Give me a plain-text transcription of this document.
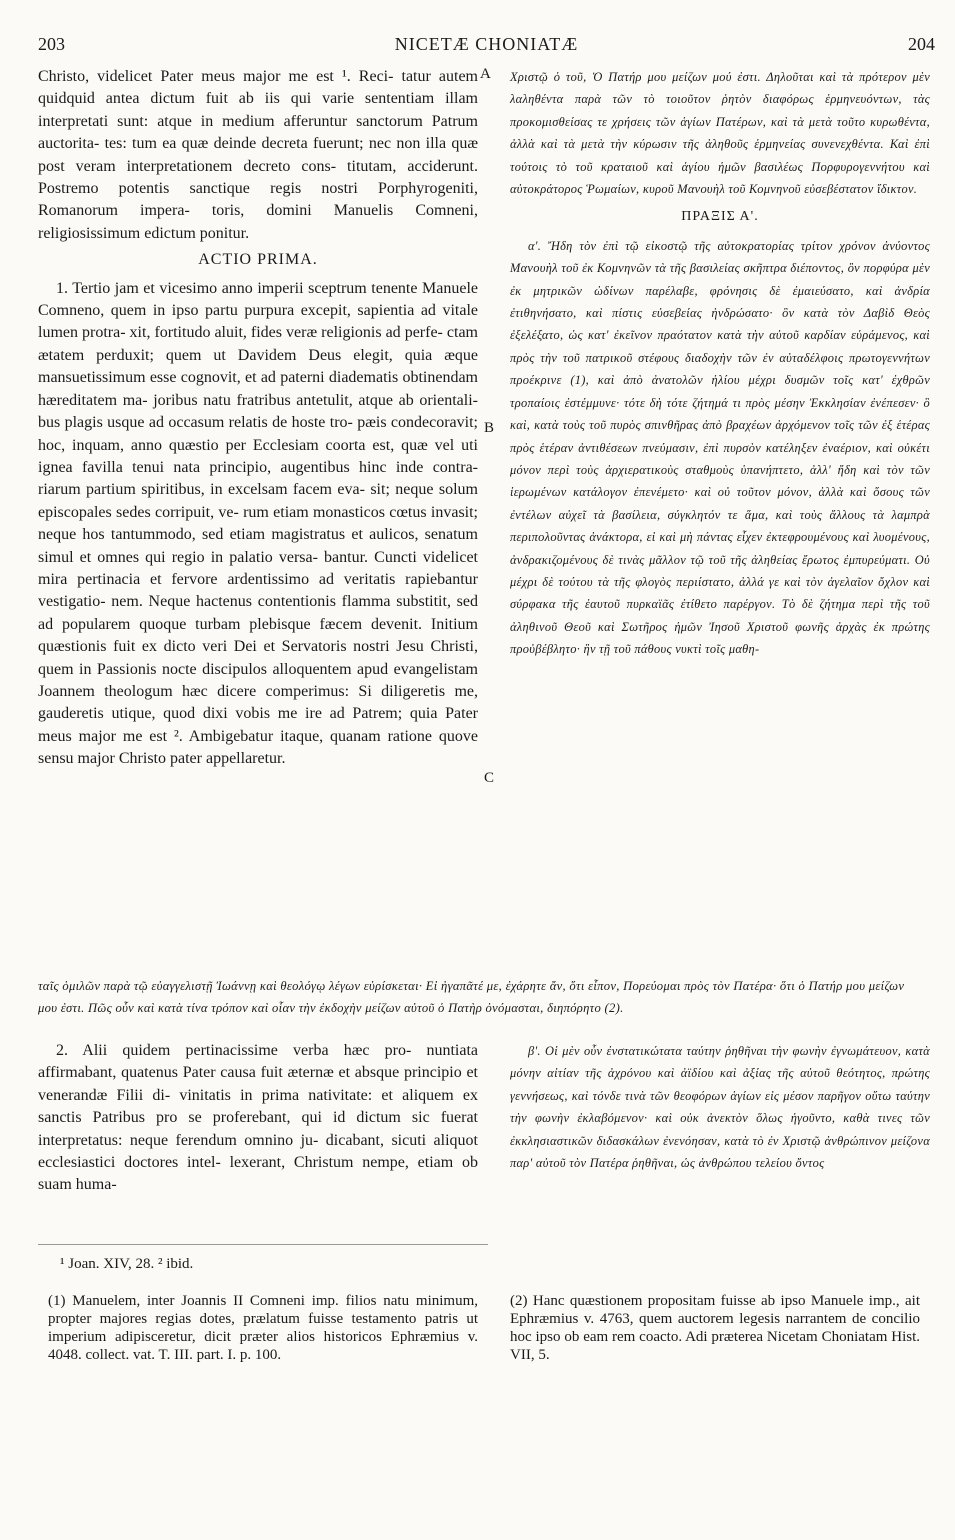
203	NICETÆ CHONIATÆ	204

Christo, videlicet Pater meus major me est ¹. Reci- tatur autem quidquid antea dictum fuit ab iis qui varie sententiam illam interpretati sunt: atque in medium afferuntur sanctorum Patrum auctorita- tes: tum ea quæ deinde decreta fuerunt; nec non illa quæ post veram interpretationem decreto cons- titutam, acciderunt. Postremo potentis sanctique regis nostri Porphyrogeniti, Romanorum impera- toris, domini Manuelis Comneni, religiosissimum edictum ponitur.

ACTIO PRIMA.

1. Tertio jam et vicesimo anno imperii sceptrum tenente Manuele Comneno, quem in ipso partu purpura excepit, sapientia ad vitale lumen protra- xit, fortitudo aluit, fides veræ religionis ad perfe- ctam ætatem perduxit; quem ut Davidem Deus elegit, quia æque mansuetissimum esse cognovit, et ad paterni diadematis obtinendam hæreditatem ma- joribus natu fratribus antetulit, atque ab orientali- bus plagis usque ad occasum relatis de hoste tro- pæis condecoravit; hoc, inquam, anno quæstio per Ecclesiam coorta est, quæ vel uti ignea favilla tenui nata principio, augentibus hinc inde contra- riarum partium spiritibus, in excelsam facem eva- sit; neque solum episcopales sedes corripuit, ve- rum etiam monasticos cœtus invasit; neque hos tantummodo, sed etiam magistratus et aulicos, senatum simul et omnes qui regio in palatio versa- bantur. Cuncti videlicet mira pertinacia et fervore ardentissimo ad veritatis rapiebantur vestigatio- nem. Neque hactenus contentionis flamma substitit, sed ad popularem quoque turbam plebisque fæcem devenit. Initium quæstionis fuit ex dicto veri Dei et Servatoris nostri Jesu Christi, quem in Passionis nocte discipulos alloquentem apud evangelistam Joannem theologum hæc dicere comperimus: Si diligeretis me, gauderetis utique, quod dixi vobis me ire ad Patrem; quia Pater meus major me est ². Ambigebatur itaque, quanam ratione quove sensu major Christo pater appellaretur.

2. Alii quidem pertinacissime verba hæc pro- nuntiata affirmabant, quatenus Pater causa fuit æternæ et absque principio et venerandæ Filii di- vinitatis in prima nativitate: et aliquem ex sanctis Patribus pro se proferebant, qui id dictum sic fuerat interpretatus: neque ferendum omnino ju- dicabant, sicuti aliquot ecclesiastici doctores intel- lexerant, Christum nempe, etiam ob suam huma-

Χριστῷ ὁ τοῦ, Ὁ Πατήρ μου μείζων μού ἐστι. Δηλοῦται καὶ τὰ πρότερον μὲν λαληθέντα παρὰ τῶν τὸ τοιοῦτον ῥητὸν διαφόρως ἑρμηνευόντων, τὰς προκομισθείσας τε χρήσεις τῶν ἁγίων Πατέρων, καὶ τὰ μετὰ τοῦτο κυρωθέντα, ἀλλὰ καὶ τὰ μετὰ τὴν κύρωσιν τῆς ἀληθοῦς ἑρμηνείας συνενεχθέντα. Καὶ ἐπὶ τούτοις τὸ τοῦ κραταιοῦ καὶ ἁγίου ἡμῶν βασιλέως Πορφυρογεννήτου καὶ αὐτοκράτορος Ῥωμαίων, κυροῦ Μανουὴλ τοῦ Κομνηνοῦ εὐσεβέστατον ἴδικτον.

ΠΡΑΞΙΣ Α'.

α'. Ἤδη τὸν ἐπὶ τῷ εἰκοστῷ τῆς αὐτοκρατορίας τρίτον χρόνον ἀνύοντος Μανουὴλ τοῦ ἐκ Κομνηνῶν τὰ τῆς βασιλείας σκῆπτρα διέποντος, ὃν πορφύρα μὲν ἐκ μητρικῶν ὠδίνων παρέλαβε, φρόνησις δὲ ἐμαιεύσατο, καὶ ἀνδρία ἐτιθηνήσατο, καὶ πίστις εὐσεβείας ἠνδρώσατο· ὃν κατὰ τὸν Δαβὶδ Θεὸς ἐξελέξατο, ὡς κατ' ἐκεῖνον πραότατον κατὰ τὴν αὐτοῦ καρδίαν εὑράμενος, καὶ πρὸς τὴν τοῦ πατρικοῦ στέφους διαδοχὴν τῶν ἐν αὐταδέλφοις πρωτογεννήτων προέκρινε (1), καὶ ἀπὸ ἀνατολῶν ἡλίου μέχρι δυσμῶν τοῖς κατ' ἐχθρῶν τροπαίοις ἐστέμμυνε· τότε δὴ τότε ζήτημά τι πρὸς μέσην Ἐκκλησίαν ἐνέπεσεν· ὃ καὶ, κατὰ τοὺς τοῦ πυρὸς σπινθῆρας ἀπὸ βραχέων ἀρχόμενον τοῖς τῶν ἐξ ἑτέρας πρὸς ἑτέραν ἀντιθέσεων πνεύμασιν, ἐπὶ πυρσὸν κατέληξεν ἐναέριον, καὶ οὐκέτι μόνον περὶ τοὺς ἀρχιερατικοὺς σταθμοὺς ὑπανήπτετο, ἀλλ' ἤδη καὶ τὸν τῶν ἱερωμένων κατάλογον ἐπενέμετο· καὶ οὐ τοῦτον μόνον, ἀλλὰ καὶ ὅσους τῶν ἐντέλων αὐχεῖ τὰ βασίλεια, σύγκλητόν τε ἅμα, καὶ τοὺς ἄλλους τὰ λαμπρὰ περιπολοῦντας ἀνάκτορα, εἰ καὶ μὴ πάντας εἶχεν ἐκτεφρουμένους καὶ λυομένους, ἀνδρακιζομένους δὲ τινὰς μᾶλλον τῷ τοῦ τῆς ἀληθείας ἔρωτος ἐμπυρεύματι. Οὐ μέχρι δὲ τούτου τὰ τῆς φλογὸς περιίστατο, ἀλλά γε καὶ τὸν ἀγελαῖον ὄχλον καὶ σύρφακα τῆς ἑαυτοῦ πυρκαϊᾶς ἐτίθετο παρέργον. Τὸ δὲ ζήτημα περὶ τῆς τοῦ ἀληθινοῦ Θεοῦ καὶ Σωτῆρος ἡμῶν Ἰησοῦ Χριστοῦ φωνῆς ἀρχὰς ἐκ πρώτης προὐβέβλητο· ἣν τῇ τοῦ πάθους νυκτὶ τοῖς μαθη-

ταῖς ὁμιλῶν παρὰ τῷ εὐαγγελιστῇ Ἰωάννῃ καὶ θεολόγῳ λέγων εὑρίσκεται· Εἰ ἠγαπᾶτέ με, ἐχάρητε ἄν, ὅτι εἶπον, Πορεύομαι πρὸς τὸν Πατέρα· ὅτι ὁ Πατήρ μου μείζων μου ἐστι. Πῶς οὖν καὶ κατὰ τίνα τρόπον καὶ οἷαν τὴν ἐκδοχὴν μείζων αὐτοῦ ὁ Πατὴρ ὀνόμασται, διηπόρητο (2).

β'. Οἱ μὲν οὖν ἐνστατικώτατα ταύτην ῥηθῆναι τὴν φωνὴν ἐγνωμάτευον, κατὰ μόνην αἰτίαν τῆς ἀχρόνου καὶ ἀϊδίου καὶ ἀξίας τῆς αὐτοῦ θεότητος, πρώτης γεννήσεως, καὶ τόνδε τινὰ τῶν θεοφόρων ἁγίων εἰς μέσον παρῆγον οὕτω ταύτην τὴν φωνὴν ἐκλαβόμενον· καὶ οὐκ ἀνεκτὸν ὅλως ἡγοῦντο, καθὰ τινες τῶν ἐκκλησιαστικῶν διδασκάλων ἐνενόησαν, κατὰ τὸ ἐν Χριστῷ ἀνθρώπινον μείζονα παρ' αὐτοῦ τὸν Πατέρα ῥηθῆναι, ὡς ἀνθρώπου τελείου ὄντος

A
B
C
¹ Joan. XIV, 28. ² ibid.
(1) Manuelem, inter Joannis II Comneni imp. filios natu minimum, propter majores regias dotes, prælatum fuisse testamento patris ut imperium adipisceretur, dicit præter alios historicos Ephræmius v. 4048. collect. vat. T. III. part. I. p. 100.
(2) Hanc quæstionem propositam fuisse ab ipso Manuele imp., ait Ephræmius v. 4763, quem auctorem legesis narrantem de concilio hoc ipso ob eam rem coacto. Adi præterea Nicetam Choniatam Hist. VII, 5.
